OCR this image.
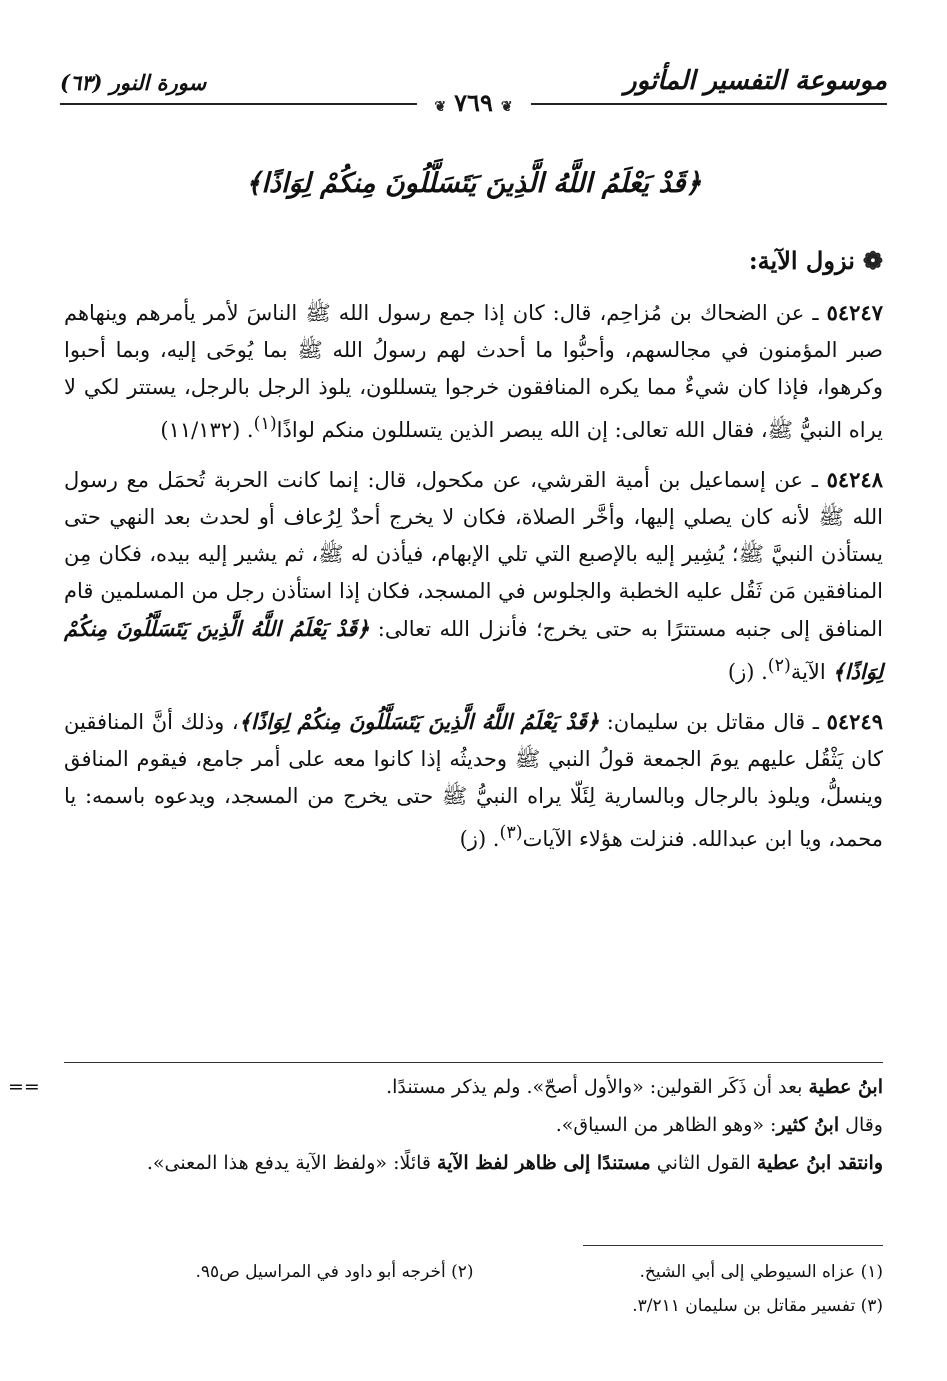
موسوعة التفسير المأثور
سورة النور (٦٣)
❦٧٦٩❦
﴿قَدْ يَعْلَمُ اللَّهُ الَّذِينَ يَتَسَلَّلُونَ مِنكُمْ لِوَاذًا﴾
❁نزول الآية:

٥٤٢٤٧ ـ عن الضحاك بن مُزاحِم، قال: كان إذا جمع رسول الله ﷺ الناسَ لأمر يأمرهم وينهاهم صبر المؤمنون في مجالسهم، وأحبُّوا ما أحدث لهم رسولُ الله ﷺ بما يُوحَى إليه، وبما أحبوا وكرهوا، فإذا كان شيءٌ مما يكره المنافقون خرجوا يتسللون، يلوذ الرجل بالرجل، يستتر لكي لا يراه النبيُّ ﷺ، فقال الله تعالى: إن الله يبصر الذين يتسللون منكم لواذًا$^{(١)}$. (١١/١٣٢)

٥٤٢٤٨ ـ عن إسماعيل بن أمية القرشي، عن مكحول، قال: إنما كانت الحربة تُحمَل مع رسول الله ﷺ لأنه كان يصلي إليها، وأخَّر الصلاة، فكان لا يخرج أحدٌ لِرُعاف أو لحدث بعد النهي حتى يستأذن النبيَّ ﷺ؛ يُشِير إليه بالإصبع التي تلي الإبهام، فيأذن له ﷺ، ثم يشير إليه بيده، فكان مِن المنافقين مَن ثَقُل عليه الخطبة والجلوس في المسجد، فكان إذا استأذن رجل من المسلمين قام المنافق إلى جنبه مستترًا به حتى يخرج؛ فأنزل الله تعالى: ﴿قَدْ يَعْلَمُ اللَّهُ الَّذِينَ يَتَسَلَّلُونَ مِنكُمْ لِوَاذًا﴾ الآية$^{(٢)}$. (ز)

٥٤٢٤٩ ـ قال مقاتل بن سليمان: ﴿قَدْ يَعْلَمُ اللَّهُ الَّذِينَ يَتَسَلَّلُونَ مِنكُمْ لِوَاذًا﴾، وذلك أنَّ المنافقين كان يَثْقُل عليهم يومَ الجمعة قولُ النبي ﷺ وحديثُه إذا كانوا معه على أمر جامع، فيقوم المنافق وينسلُّ، ويلوذ بالرجال وبالسارية لِئَلّا يراه النبيُّ ﷺ حتى يخرج من المسجد، ويدعوه باسمه: يا محمد، ويا ابن عبدالله. فنزلت هؤلاء الآيات$^{(٣)}$. (ز)

==	ابنُ عطية بعد أن ذَكَر القولين: «والأول أصحّ». ولم يذكر مستندًا.

وقال ابنُ كثير: «وهو الظاهر من السياق».

وانتقد ابنُ عطية القول الثاني مستندًا إلى ظاهر لفظ الآية قائلًا: «ولفظ الآية يدفع هذا المعنى».

(١) عزاه السيوطي إلى أبي الشيخ.
(٢) أخرجه أبو داود في المراسيل ص٩٥.
(٣) تفسير مقاتل بن سليمان ٣/٢١١.
